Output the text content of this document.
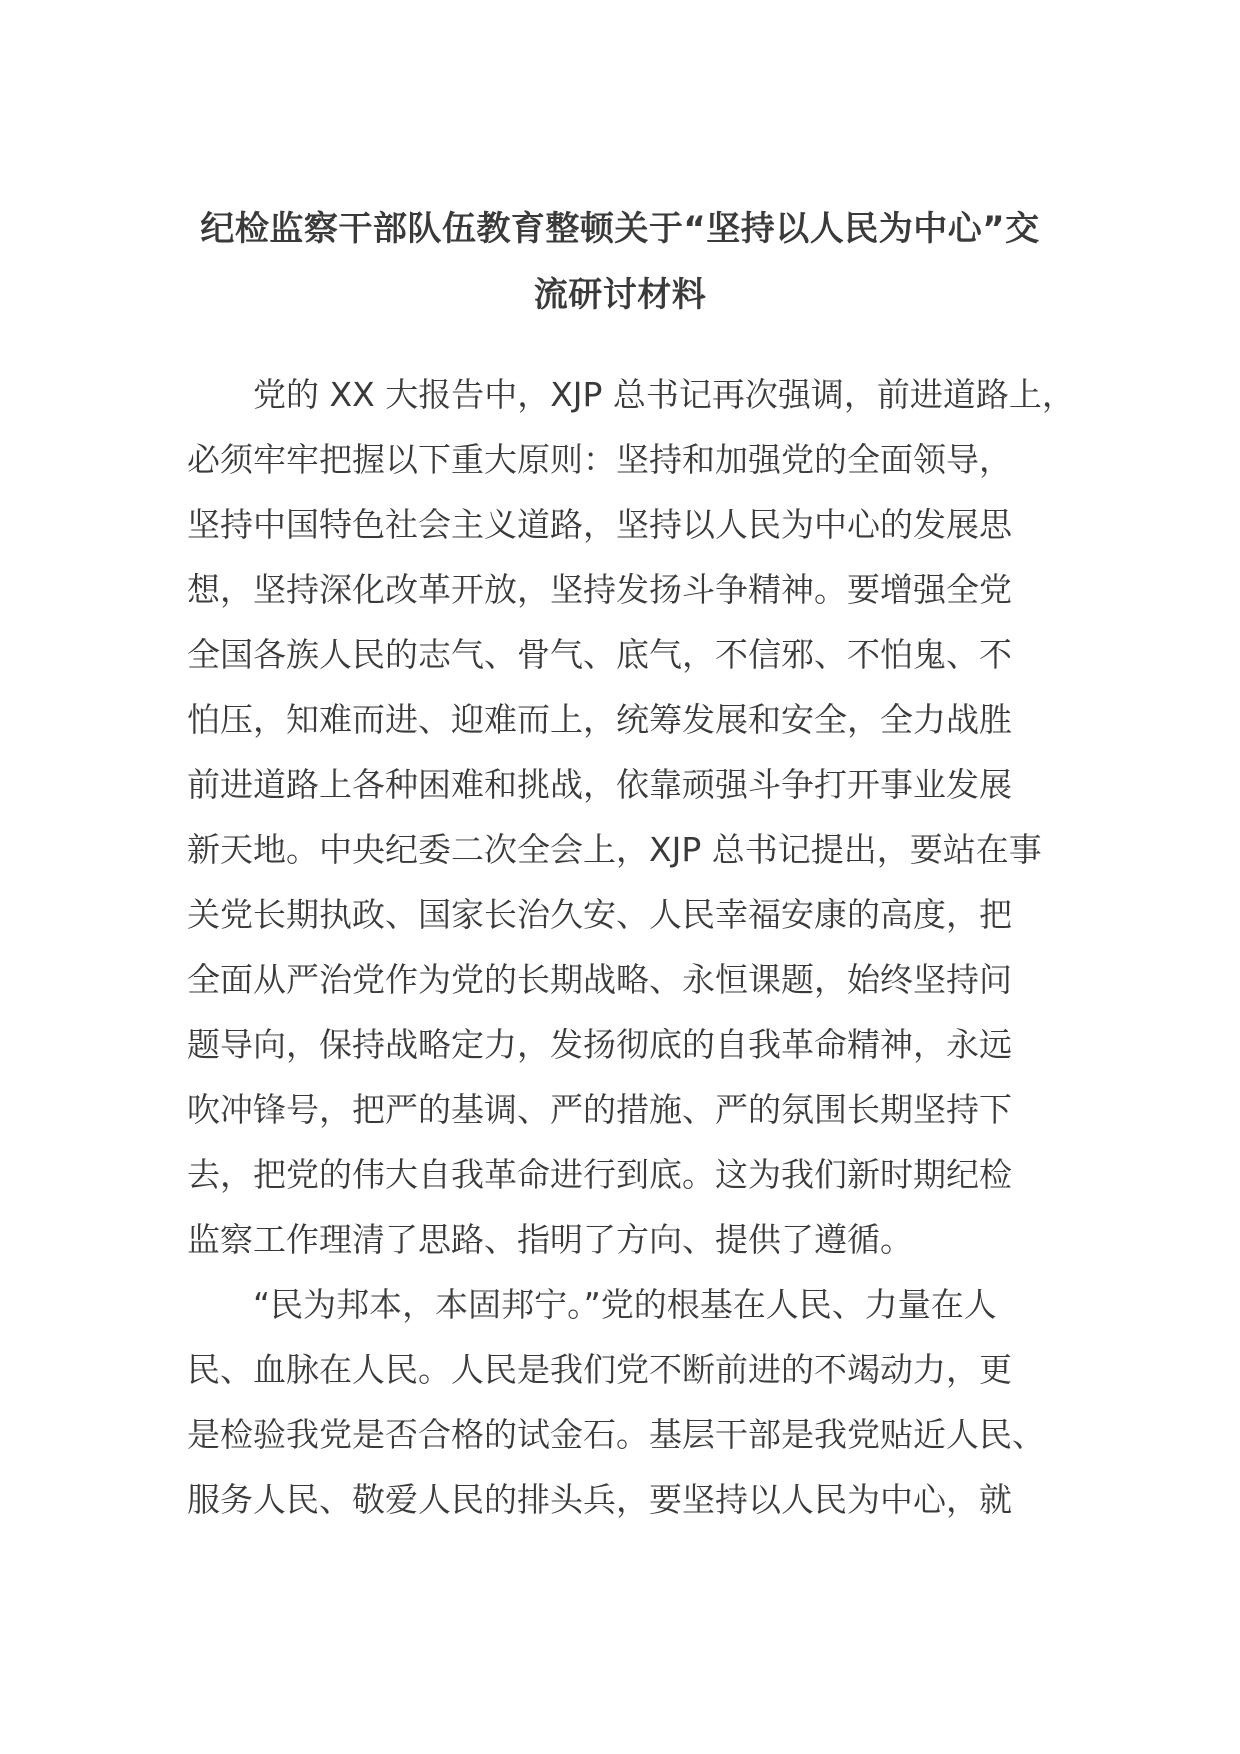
纪检监察干部队伍教育整顿关于“坚持以人民为中心”交
流研讨材料
党的 XX 大报告中，XJP 总书记再次强调，前进道路上，
必须牢牢把握以下重大原则：坚持和加强党的全面领导，
坚持中国特色社会主义道路，坚持以人民为中心的发展思
想，坚持深化改革开放，坚持发扬斗争精神。要增强全党
全国各族人民的志气、骨气、底气，不信邪、不怕鬼、不
怕压，知难而进、迎难而上，统筹发展和安全，全力战胜
前进道路上各种困难和挑战，依靠顽强斗争打开事业发展
新天地。中央纪委二次全会上，XJP 总书记提出，要站在事
关党长期执政、国家长治久安、人民幸福安康的高度，把
全面从严治党作为党的长期战略、永恒课题，始终坚持问
题导向，保持战略定力，发扬彻底的自我革命精神，永远
吹冲锋号，把严的基调、严的措施、严的氛围长期坚持下
去，把党的伟大自我革命进行到底。这为我们新时期纪检
监察工作理清了思路、指明了方向、提供了遵循。
“民为邦本，本固邦宁。”党的根基在人民、力量在人
民、血脉在人民。人民是我们党不断前进的不竭动力，更
是检验我党是否合格的试金石。基层干部是我党贴近人民、
服务人民、敬爱人民的排头兵，要坚持以人民为中心，就
